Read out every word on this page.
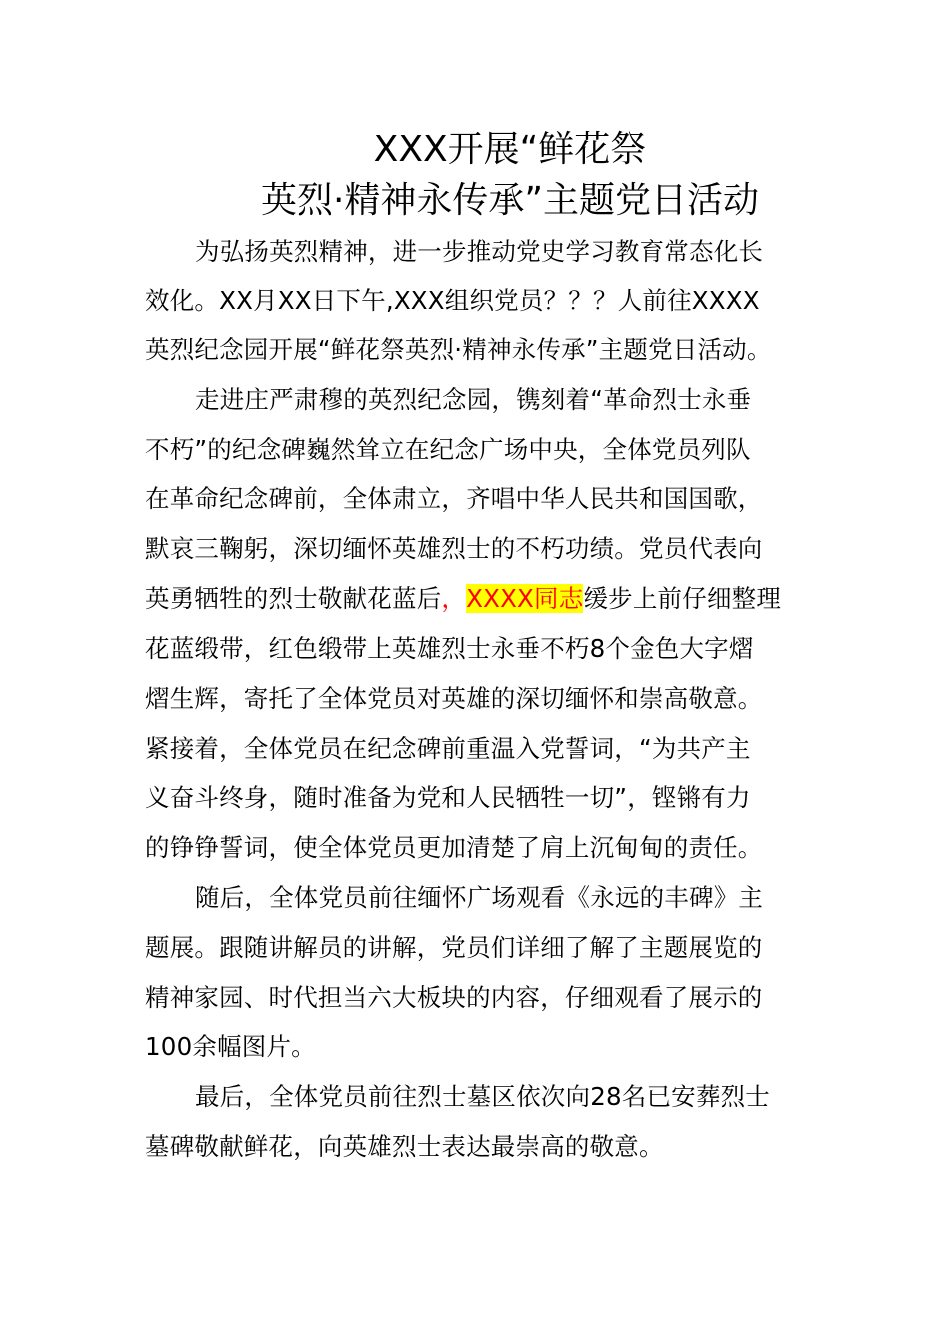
XXX开展“鲜花祭
英烈·精神永传承”主题党日活动
为弘扬英烈精神，进一步推动党史学习教育常态化长
效化。XX月XX日下午,XXX组织党员？？？人前往XXXX
英烈纪念园开展“鲜花祭英烈·精神永传承”主题党日活动。
走进庄严肃穆的英烈纪念园，镌刻着“革命烈士永垂
不朽”的纪念碑巍然耸立在纪念广场中央，全体党员列队
在革命纪念碑前，全体肃立，齐唱中华人民共和国国歌，
默哀三鞠躬，深切缅怀英雄烈士的不朽功绩。党员代表向
英勇牺牲的烈士敬献花蓝后，XXXX同志缓步上前仔细整理
花蓝缎带，红色缎带上英雄烈士永垂不朽8个金色大字熠
熠生辉，寄托了全体党员对英雄的深切缅怀和崇高敬意。
紧接着，全体党员在纪念碑前重温入党誓词，“为共产主
义奋斗终身，随时准备为党和人民牺牲一切”，铿锵有力
的铮铮誓词，使全体党员更加清楚了肩上沉甸甸的责任。
随后，全体党员前往缅怀广场观看《永远的丰碑》主
题展。跟随讲解员的讲解，党员们详细了解了主题展览的
精神家园、时代担当六大板块的内容，仔细观看了展示的
100余幅图片。
最后，全体党员前往烈士墓区依次向28名已安葬烈士
墓碑敬献鲜花，向英雄烈士表达最崇高的敬意。
